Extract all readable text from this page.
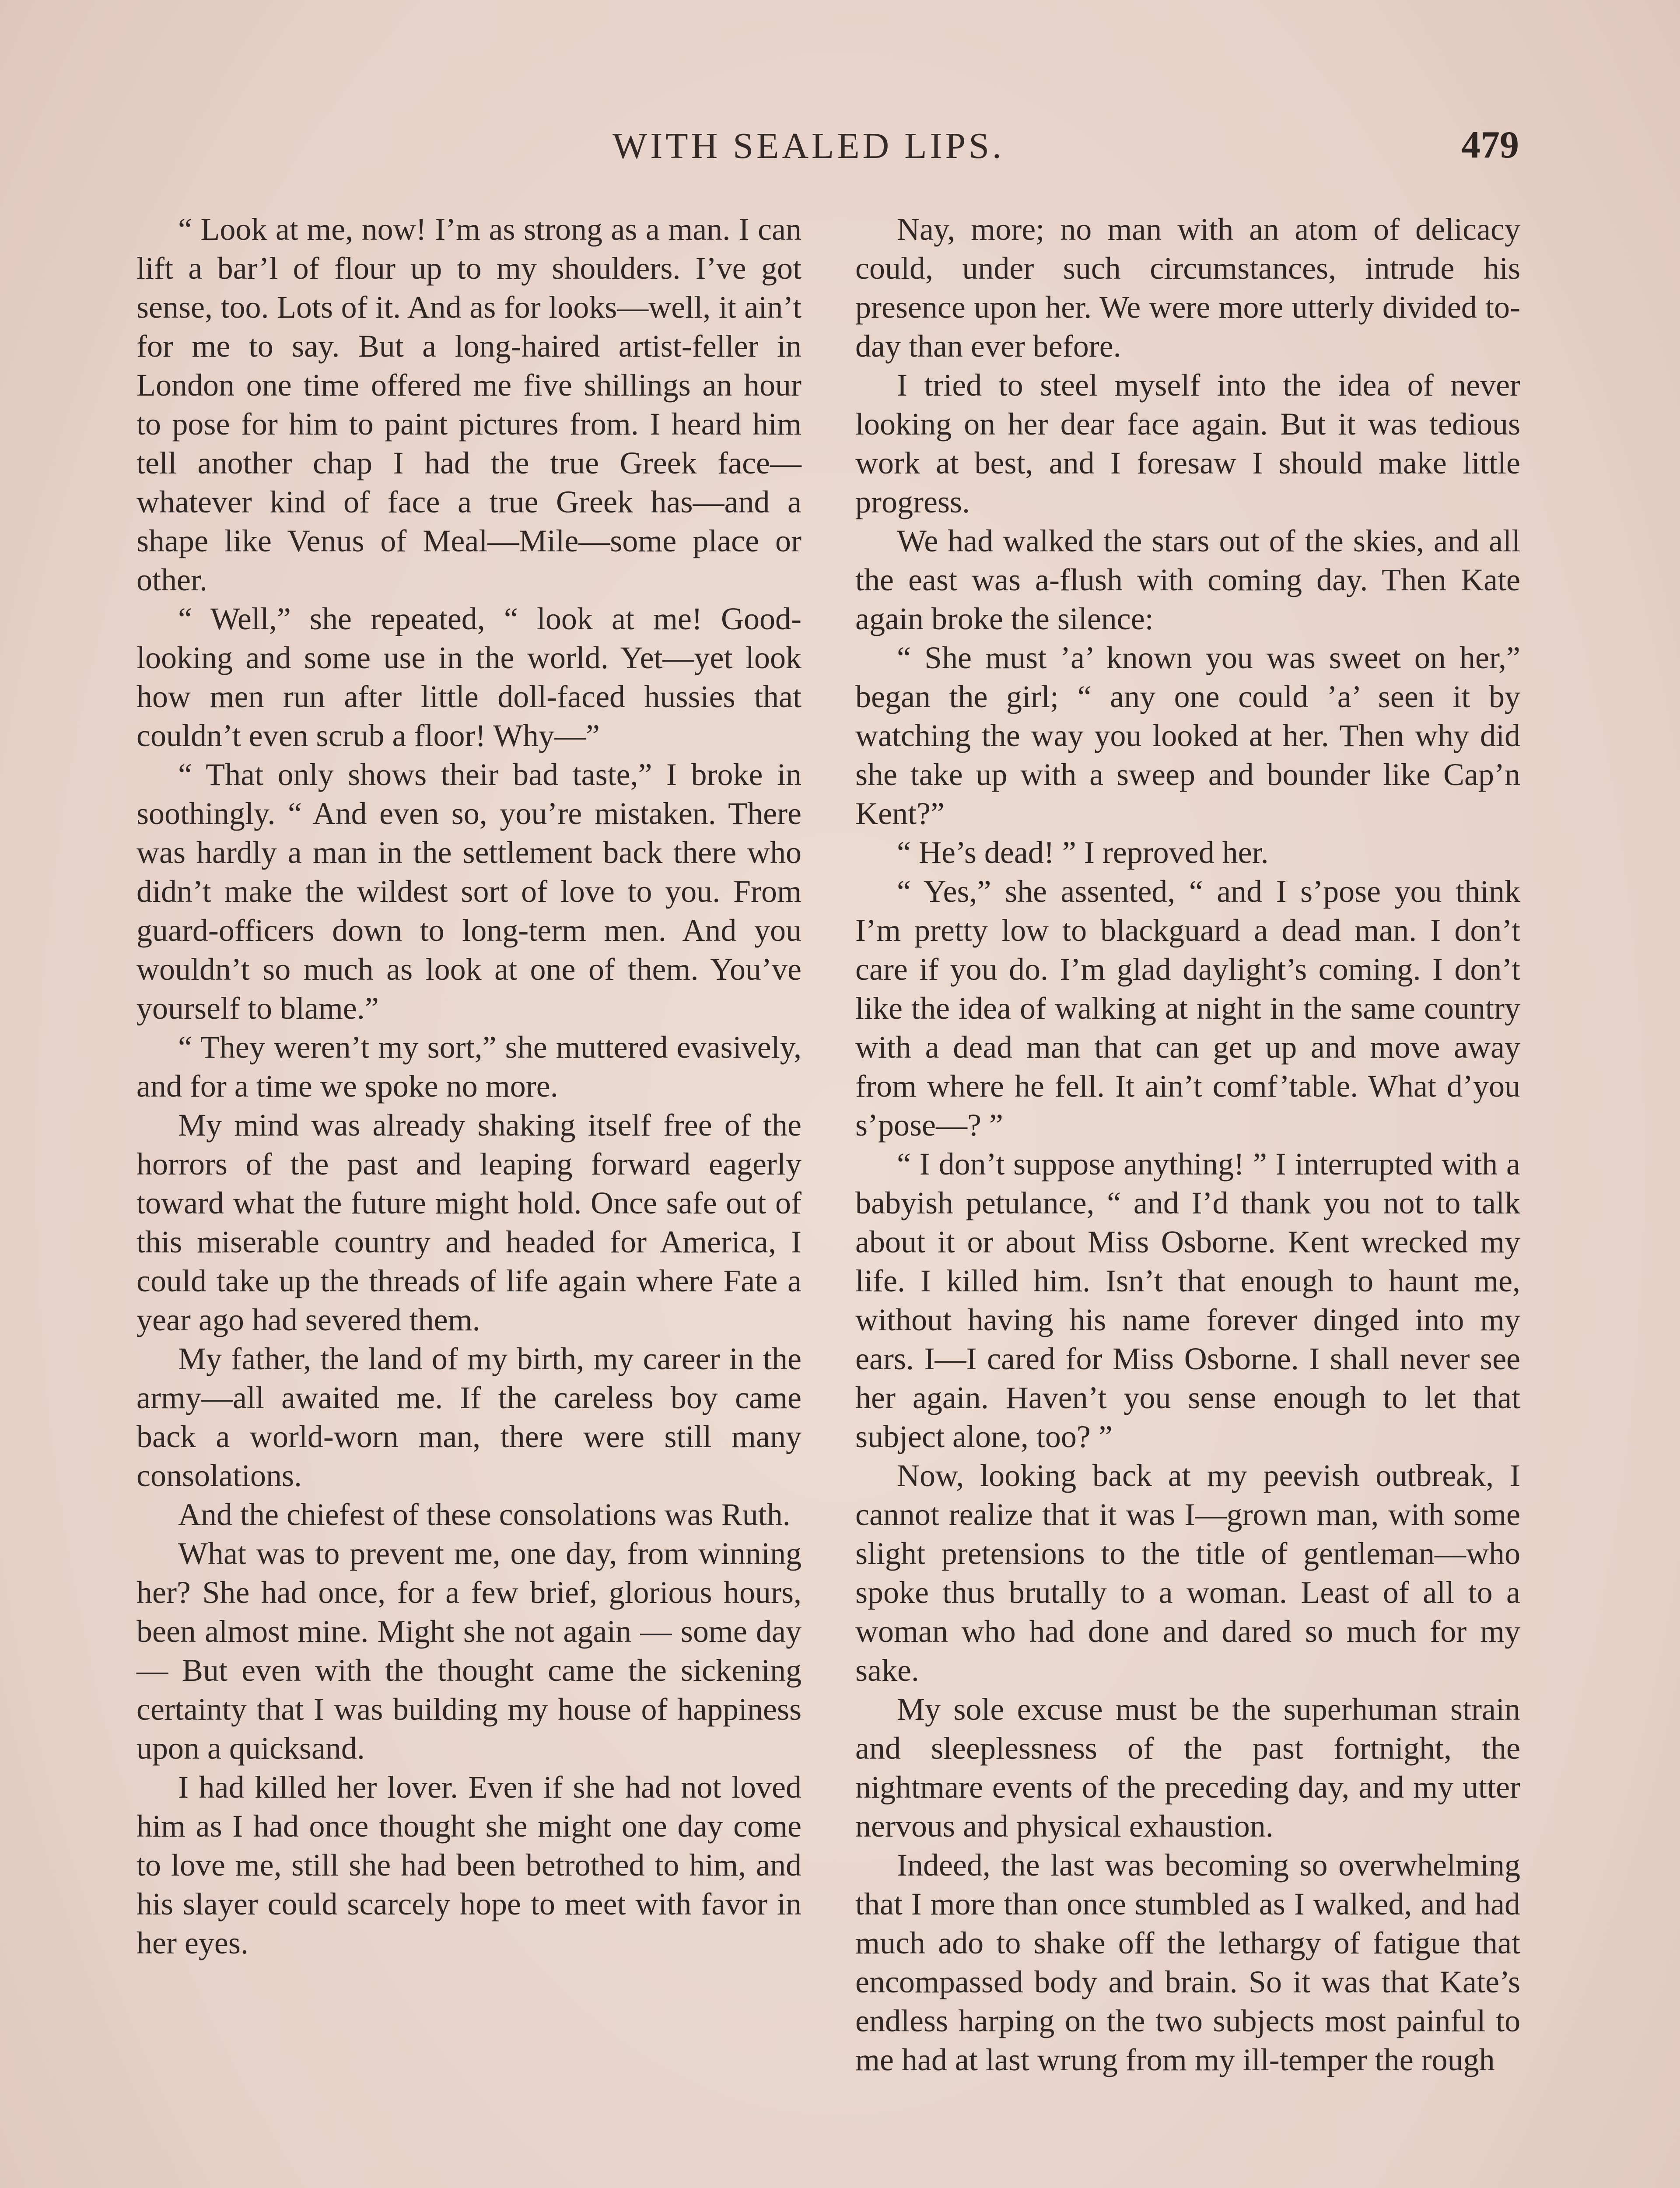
WITH SEALED LIPS.	479

“ Look at me, now! I’m as strong as a man. I can lift a bar’l of flour up to my shoulders. I’ve got sense, too. Lots of it. And as for looks—well, it ain’t for me to say. But a long-haired artist-feller in London one time offered me five shillings an hour to pose for him to paint pictures from. I heard him tell another chap I had the true Greek face—whatever kind of face a true Greek has—and a shape like Venus of Meal—Mile—some place or other.

“ Well,” she repeated, “ look at me! Good-looking and some use in the world. Yet—yet look how men run after little doll-faced hussies that couldn’t even scrub a floor! Why—”

“ That only shows their bad taste,” I broke in soothingly. “ And even so, you’re mistaken. There was hardly a man in the settlement back there who didn’t make the wildest sort of love to you. From guard-officers down to long-term men. And you wouldn’t so much as look at one of them. You’ve yourself to blame.”

“ They weren’t my sort,” she muttered evasively, and for a time we spoke no more.

My mind was already shaking itself free of the horrors of the past and leaping forward eagerly toward what the future might hold. Once safe out of this miserable country and headed for America, I could take up the threads of life again where Fate a year ago had severed them.

My father, the land of my birth, my career in the army—all awaited me. If the careless boy came back a world-worn man, there were still many consolations.

And the chiefest of these consolations was Ruth.

What was to prevent me, one day, from winning her? She had once, for a few brief, glorious hours, been almost mine. Might she not again — some day— But even with the thought came the sickening certainty that I was building my house of happiness upon a quicksand.

I had killed her lover. Even if she had not loved him as I had once thought she might one day come to love me, still she had been betrothed to him, and his slayer could scarcely hope to meet with favor in her eyes.

Nay, more; no man with an atom of delicacy could, under such circumstances, intrude his presence upon her. We were more utterly divided to-day than ever before.

I tried to steel myself into the idea of never looking on her dear face again. But it was tedious work at best, and I foresaw I should make little progress.

We had walked the stars out of the skies, and all the east was a-flush with coming day. Then Kate again broke the silence:

“ She must ’a’ known you was sweet on her,” began the girl; “ any one could ’a’ seen it by watching the way you looked at her. Then why did she take up with a sweep and bounder like Cap’n Kent?”

“ He’s dead! ” I reproved her.

“ Yes,” she assented, “ and I s’pose you think I’m pretty low to blackguard a dead man. I don’t care if you do. I’m glad daylight’s coming. I don’t like the idea of walking at night in the same country with a dead man that can get up and move away from where he fell. It ain’t comf’table. What d’you s’pose—? ”

“ I don’t suppose anything! ” I interrupted with a babyish petulance, “ and I’d thank you not to talk about it or about Miss Osborne. Kent wrecked my life. I killed him. Isn’t that enough to haunt me, without having his name forever dinged into my ears. I—I cared for Miss Osborne. I shall never see her again. Haven’t you sense enough to let that subject alone, too? ”

Now, looking back at my peevish outbreak, I cannot realize that it was I—grown man, with some slight pretensions to the title of gentleman—who spoke thus brutally to a woman. Least of all to a woman who had done and dared so much for my sake.

My sole excuse must be the superhuman strain and sleeplessness of the past fortnight, the nightmare events of the preceding day, and my utter nervous and physical exhaustion.

Indeed, the last was becoming so overwhelming that I more than once stumbled as I walked, and had much ado to shake off the lethargy of fatigue that encompassed body and brain. So it was that Kate’s endless harping on the two subjects most painful to me had at last wrung from my ill-temper the rough
